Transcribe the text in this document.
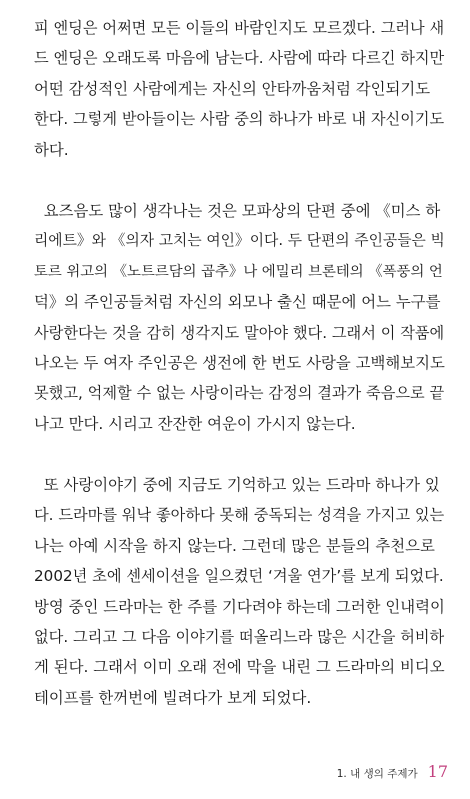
피 엔딩은 어쩌면 모든 이들의 바람인지도 모르겠다. 그러나 새
드 엔딩은 오래도록 마음에 남는다. 사람에 따라 다르긴 하지만
어떤 감성적인 사람에게는 자신의 안타까움처럼 각인되기도
한다. 그렇게 받아들이는 사람 중의 하나가 바로 내 자신이기도
하다.
요즈음도 많이 생각나는 것은 모파상의 단편 중에 《미스 하
리에트》와 《의자 고치는 여인》이다. 두 단편의 주인공들은 빅
토르 위고의 《노트르담의 곱추》나 에밀리 브론테의 《폭풍의 언
덕》의 주인공들처럼 자신의 외모나 출신 때문에 어느 누구를
사랑한다는 것을 감히 생각지도 말아야 했다. 그래서 이 작품에
나오는 두 여자 주인공은 생전에 한 번도 사랑을 고백해보지도
못했고, 억제할 수 없는 사랑이라는 감정의 결과가 죽음으로 끝
나고 만다. 시리고 잔잔한 여운이 가시지 않는다.
또 사랑이야기 중에 지금도 기억하고 있는 드라마 하나가 있
다. 드라마를 워낙 좋아하다 못해 중독되는 성격을 가지고 있는
나는 아예 시작을 하지 않는다. 그런데 많은 분들의 추천으로
2002년 초에 센세이션을 일으켰던 ‘겨울 연가’를 보게 되었다.
방영 중인 드라마는 한 주를 기다려야 하는데 그러한 인내력이
없다. 그리고 그 다음 이야기를 떠올리느라 많은 시간을 허비하
게 된다. 그래서 이미 오래 전에 막을 내린 그 드라마의 비디오
테이프를 한꺼번에 빌려다가 보게 되었다.
1. 내 생의 주제가 17
